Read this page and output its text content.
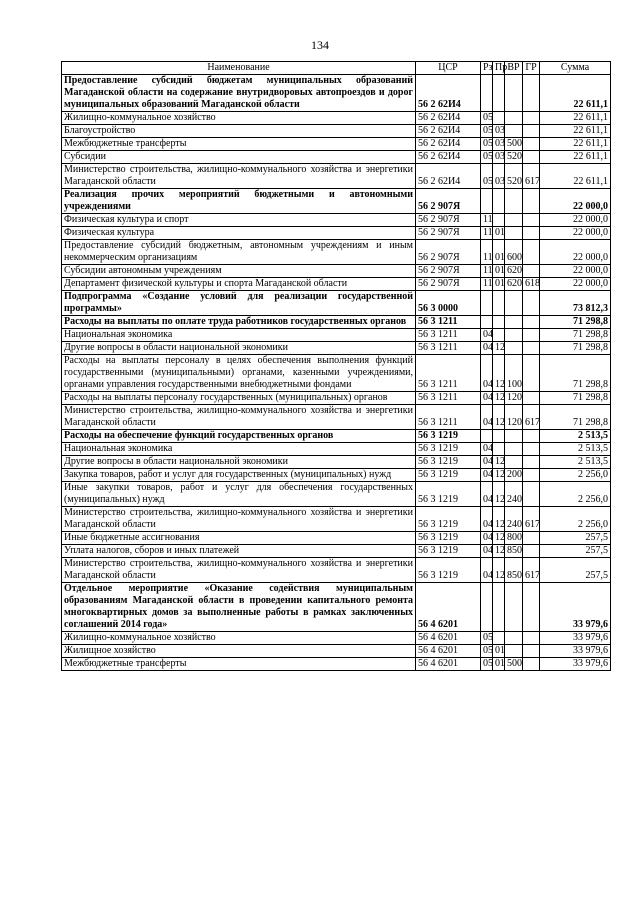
134
Наименование	ЦСР	Рз	Пр	ВР	ГР	Сумма
Предоставление субсидий бюджетам муниципальных образований Магаданской области на содержание внутридворовых автопроездов и дорог муниципальных образований Магаданской области	56 2 62И4					22 611,1
Жилищно-коммунальное хозяйство	56 2 62И4	05				22 611,1
Благоустройство	56 2 62И4	05	03			22 611,1
Межбюджетные трансферты	56 2 62И4	05	03	500		22 611,1
Субсидии	56 2 62И4	05	03	520		22 611,1
Министерство строительства, жилищно-коммунального хозяйства и энергетики Магаданской области	56 2 62И4	05	03	520	617	22 611,1
Реализация прочих мероприятий бюджетными и автономными учреждениями	56 2 907Я					22 000,0
Физическая культура и спорт	56 2 907Я	11				22 000,0
Физическая культура	56 2 907Я	11	01			22 000,0
Предоставление субсидий бюджетным, автономным учреждениям и иным некоммерческим организациям	56 2 907Я	11	01	600		22 000,0
Субсидии автономным учреждениям	56 2 907Я	11	01	620		22 000,0
Департамент физической культуры и спорта Магаданской области	56 2 907Я	11	01	620	618	22 000,0
Подпрограмма «Создание условий для реализации государственной программы»	56 3 0000					73 812,3
Расходы на выплаты по оплате труда работников государственных органов	56 3 1211					71 298,8
Национальная экономика	56 3 1211	04				71 298,8
Другие вопросы в области национальной экономики	56 3 1211	04	12			71 298,8
Расходы на выплаты персоналу в целях обеспечения выполнения функций государственными (муниципальными) органами, казенными учреждениями, органами управления государственными внебюджетными фондами	56 3 1211	04	12	100		71 298,8
Расходы на выплаты персоналу государственных (муниципальных) органов	56 3 1211	04	12	120		71 298,8
Министерство строительства, жилищно-коммунального хозяйства и энергетики Магаданской области	56 3 1211	04	12	120	617	71 298,8
Расходы на обеспечение функций государственных органов	56 3 1219					2 513,5
Национальная экономика	56 3 1219	04				2 513,5
Другие вопросы в области национальной экономики	56 3 1219	04	12			2 513,5
Закупка товаров, работ и услуг для государственных (муниципальных) нужд	56 3 1219	04	12	200		2 256,0
Иные закупки товаров, работ и услуг для обеспечения государственных (муниципальных) нужд	56 3 1219	04	12	240		2 256,0
Министерство строительства, жилищно-коммунального хозяйства и энергетики Магаданской области	56 3 1219	04	12	240	617	2 256,0
Иные бюджетные ассигнования	56 3 1219	04	12	800		257,5
Уплата налогов, сборов и иных платежей	56 3 1219	04	12	850		257,5
Министерство строительства, жилищно-коммунального хозяйства и энергетики Магаданской области	56 3 1219	04	12	850	617	257,5
Отдельное мероприятие «Оказание содействия муниципальным образованиям Магаданской области в проведении капитального ремонта многоквартирных домов за выполненные работы в рамках заключенных соглашений 2014 года»	56 4 6201					33 979,6
Жилищно-коммунальное хозяйство	56 4 6201	05				33 979,6
Жилищное хозяйство	56 4 6201	05	01			33 979,6
Межбюджетные трансферты	56 4 6201	05	01	500		33 979,6
